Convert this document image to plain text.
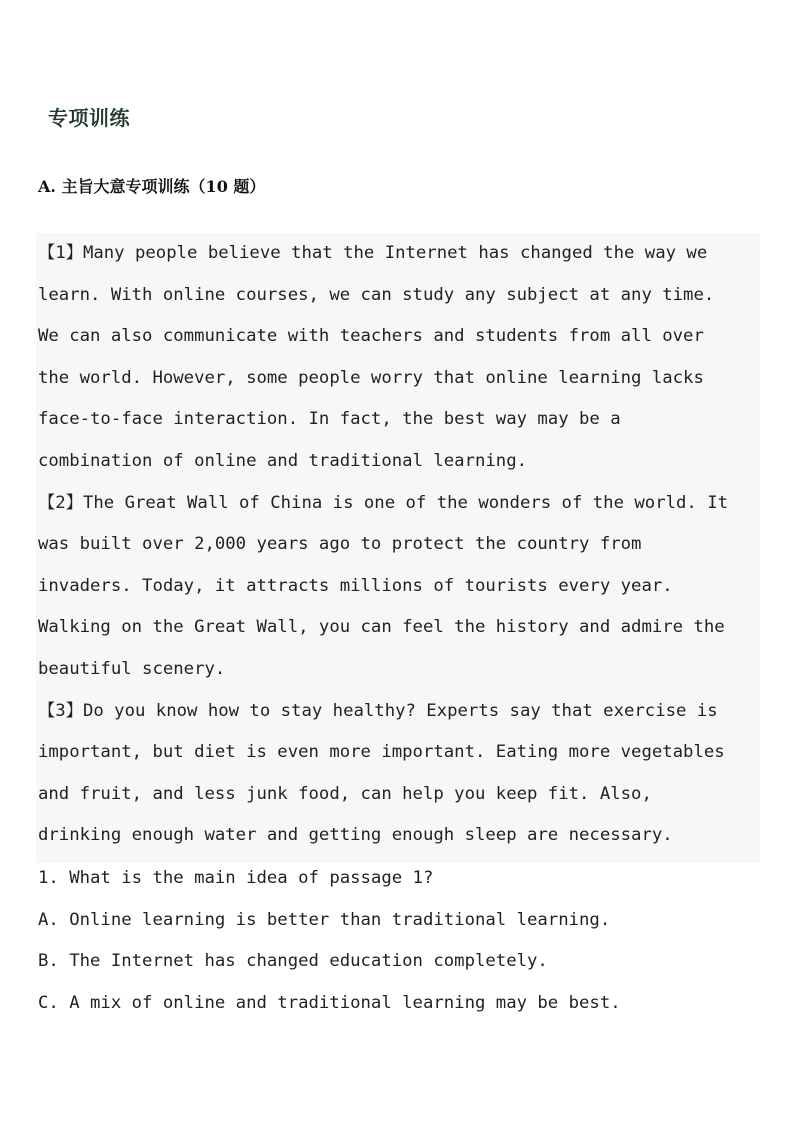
专项训练
A. 主旨大意专项训练（10 题）
【1】Many people believe that the Internet has changed the way we
learn. With online courses, we can study any subject at any time.
We can also communicate with teachers and students from all over
the world. However, some people worry that online learning lacks
face-to-face interaction. In fact, the best way may be a
combination of online and traditional learning.
【2】The Great Wall of China is one of the wonders of the world. It
was built over 2,000 years ago to protect the country from
invaders. Today, it attracts millions of tourists every year.
Walking on the Great Wall, you can feel the history and admire the
beautiful scenery.
【3】Do you know how to stay healthy? Experts say that exercise is
important, but diet is even more important. Eating more vegetables
and fruit, and less junk food, can help you keep fit. Also,
drinking enough water and getting enough sleep are necessary.
1. What is the main idea of passage 1?
A. Online learning is better than traditional learning.
B. The Internet has changed education completely.
C. A mix of online and traditional learning may be best.
